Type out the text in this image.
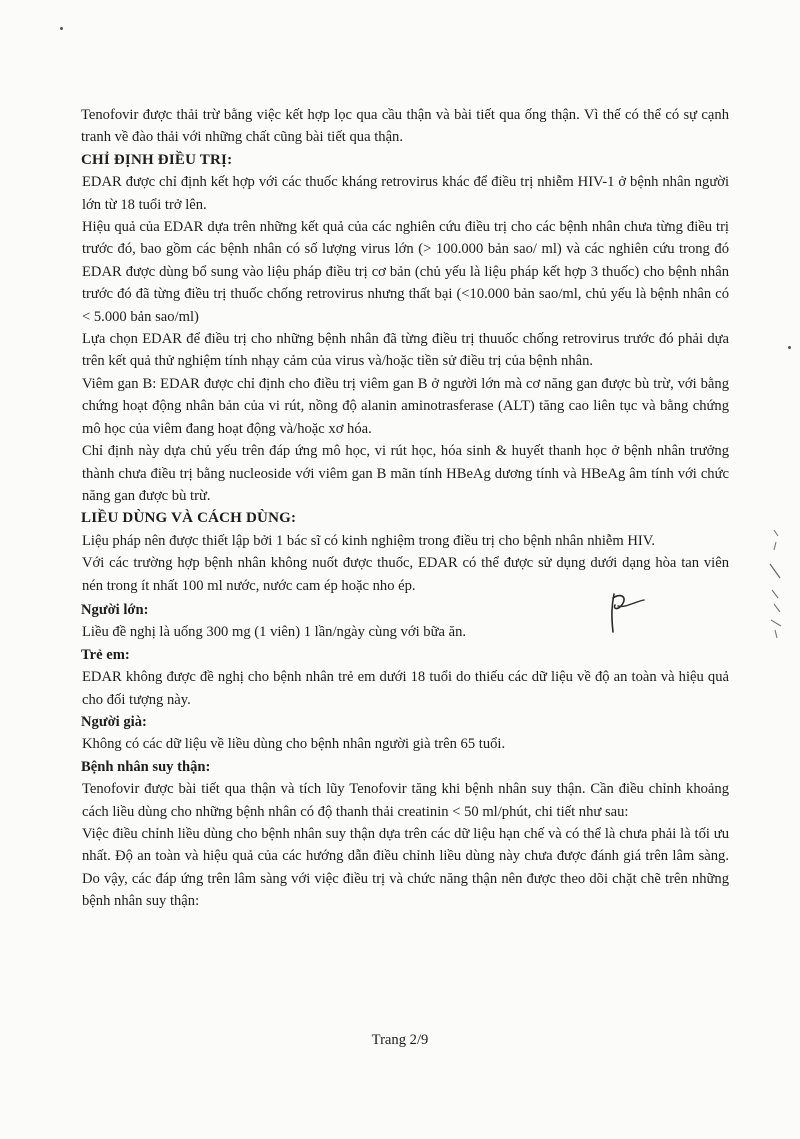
Tenofovir được thải trừ bằng việc kết hợp lọc qua cầu thận và bài tiết qua ống thận. Vì thế có thể có sự cạnh tranh về đào thải với những chất cũng bài tiết qua thận.

CHỈ ĐỊNH ĐIỀU TRỊ:

EDAR được chỉ định kết hợp với các thuốc kháng retrovirus khác để điều trị nhiễm HIV-1 ở bệnh nhân người lớn từ 18 tuổi trở lên.

Hiệu quả của EDAR dựa trên những kết quả của các nghiên cứu điều trị cho các bệnh nhân chưa từng điều trị trước đó, bao gồm các bệnh nhân có số lượng virus lớn (> 100.000 bản sao/ ml) và các nghiên cứu trong đó EDAR được dùng bổ sung vào liệu pháp điều trị cơ bản (chủ yếu là liệu pháp kết hợp 3 thuốc) cho bệnh nhân trước đó đã từng điều trị thuốc chống retrovirus nhưng thất bại (<10.000 bản sao/ml, chủ yếu là bệnh nhân có < 5.000 bản sao/ml)

Lựa chọn EDAR để điều trị cho những bệnh nhân đã từng điều trị thuuốc chống retrovirus trước đó phải dựa trên kết quả thử nghiệm tính nhạy cảm của virus và/hoặc tiền sử điều trị của bệnh nhân.

Viêm gan B: EDAR được chỉ định cho điều trị viêm gan B ở người lớn mà cơ năng gan được bù trừ, với bằng chứng hoạt động nhân bản của vi rút, nồng độ alanin aminotrasferase (ALT) tăng cao liên tục và bằng chứng mô học của viêm đang hoạt động và/hoặc xơ hóa.

Chỉ định này dựa chủ yếu trên đáp ứng mô học, vi rút học, hóa sinh & huyết thanh học ở bệnh nhân trưởng thành chưa điều trị bằng nucleoside với viêm gan B mãn tính HBeAg dương tính và HBeAg âm tính với chức năng gan được bù trừ.

LIỀU DÙNG VÀ CÁCH DÙNG:

Liệu pháp nên được thiết lập bởi 1 bác sĩ có kinh nghiệm trong điều trị cho bệnh nhân nhiễm HIV.

Với các trường hợp bệnh nhân không nuốt được thuốc, EDAR có thể được sử dụng dưới dạng hòa tan viên nén trong ít nhất 100 ml nước, nước cam ép hoặc nho ép.

Người lớn:

Liều đề nghị là uống 300 mg (1 viên) 1 lần/ngày cùng với bữa ăn.

Trẻ em:

EDAR không được đề nghị cho bệnh nhân trẻ em dưới 18 tuổi do thiếu các dữ liệu về độ an toàn và hiệu quả cho đối tượng này.

Người già:

Không có các dữ liệu về liều dùng cho bệnh nhân người già trên 65 tuổi.

Bệnh nhân suy thận:

Tenofovir được bài tiết qua thận và tích lũy Tenofovir tăng khi bệnh nhân suy thận. Cần điều chỉnh khoảng cách liều dùng cho những bệnh nhân có độ thanh thải creatinin < 50 ml/phút, chi tiết như sau:

Việc điều chỉnh liều dùng cho bệnh nhân suy thận dựa trên các dữ liệu hạn chế và có thể là chưa phải là tối ưu nhất. Độ an toàn và hiệu quả của các hướng dẫn điều chỉnh liều dùng này chưa được đánh giá trên lâm sàng. Do vậy, các đáp ứng trên lâm sàng với việc điều trị và chức năng thận nên được theo dõi chặt chẽ trên những bệnh nhân suy thận:

Trang 2/9
